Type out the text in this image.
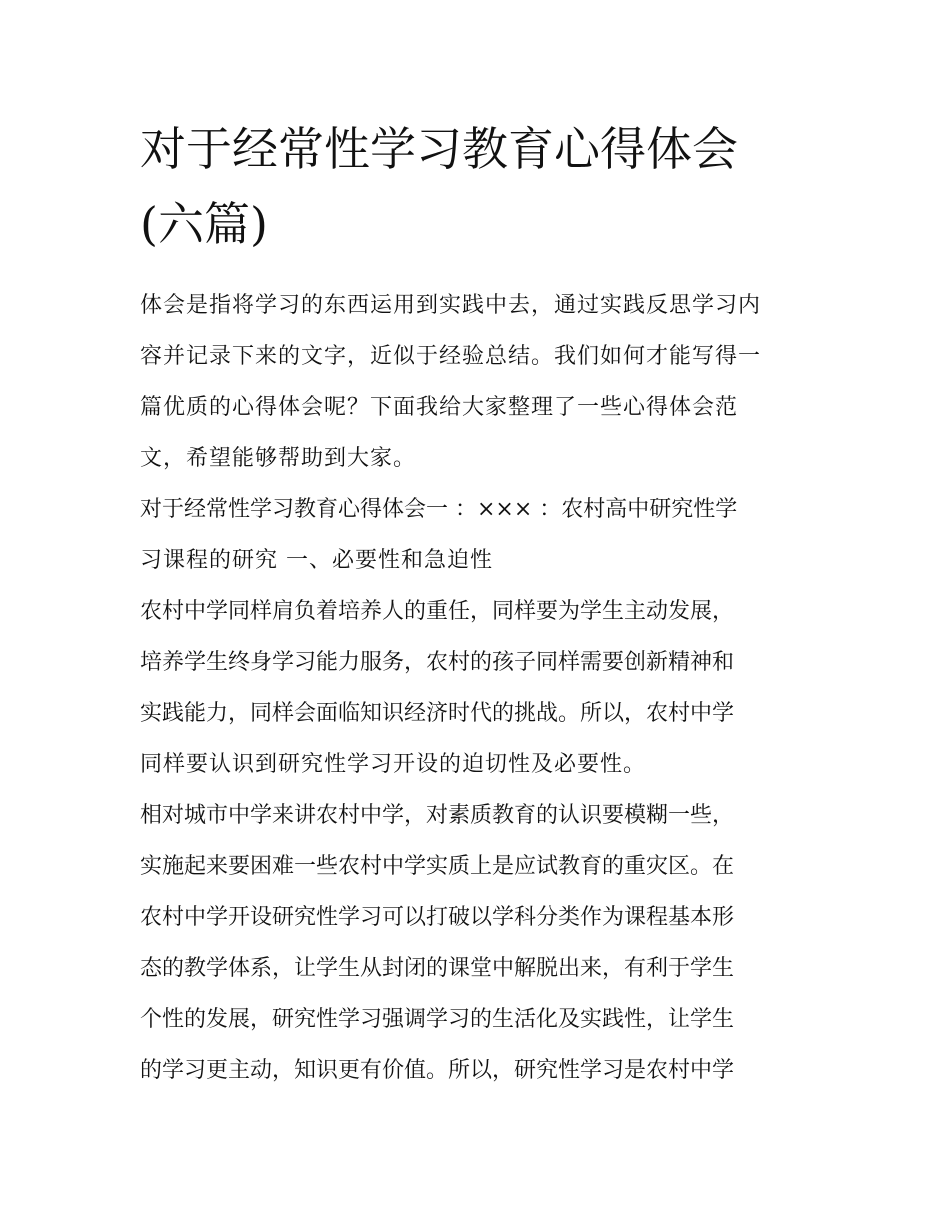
对于经常性学习教育心得体会
(六篇)

体会是指将学习的东西运用到实践中去，通过实践反思学习内
容并记录下来的文字，近似于经验总结。我们如何才能写得一
篇优质的心得体会呢？下面我给大家整理了一些心得体会范
文，希望能够帮助到大家。

对于经常性学习教育心得体会一 ：××× ：农村高中研究性学
习课程的研究 一、必要性和急迫性

农村中学同样肩负着培养人的重任，同样要为学生主动发展，
培养学生终身学习能力服务，农村的孩子同样需要创新精神和
实践能力，同样会面临知识经济时代的挑战。所以，农村中学
同样要认识到研究性学习开设的迫切性及必要性。

相对城市中学来讲农村中学，对素质教育的认识要模糊一些，
实施起来要困难一些农村中学实质上是应试教育的重灾区。在
农村中学开设研究性学习可以打破以学科分类作为课程基本形
态的教学体系，让学生从封闭的课堂中解脱出来，有利于学生
个性的发展，研究性学习强调学习的生活化及实践性，让学生
的学习更主动，知识更有价值。所以，研究性学习是农村中学
